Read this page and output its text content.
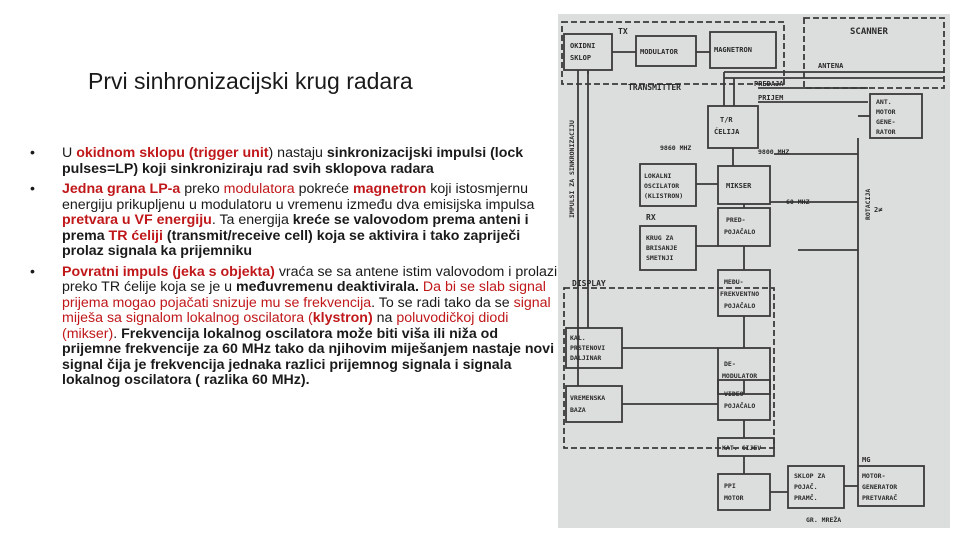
Prvi sinhronizacijski krug radara
• U okidnom sklopu (trigger unit) nastaju sinkronizacijski impulsi (lock pulses=LP) koji sinkroniziraju rad svih sklopova radara
• Jedna grana LP-a preko modulatora pokreće magnetron koji istosmjernu energiju prikupljenu u modulatoru u vremenu između dva emisijska impulsa pretvara u VF energiju. Ta energija kreće se valovodom prema anteni i prema TR ćeliji (transmit/receive cell) koja se aktivira i tako zapriječi prolaz signala ka prijemniku
• Povratni impuls (jeka s objekta) vraća se sa antene istim valovodom i prolazi preko TR ćelije koja se je u međuvremenu deaktivirala. Da bi se slab signal prijema mogao pojačati snizuje mu se frekvencija. To se radi tako da se signal miješa sa signalom lokalnog oscilatora (klystron) na poluvodičkoj diodi (mikser). Frekvencija lokalnog oscilatora može biti viša ili niža od prijemne frekvencije za 60 MHz tako da njihovim miješanjem nastaje novi signal čija je frekvencija jednaka razlici prijemnog signala i signala lokalnog oscilatora ( razlika 60 MHz).
SCANNER
TX
OKIDNI
SKLOP
MODULATOR	MAGNETRON
ANTENA
TRANSMITTER	PREDAJA
PRIJEM
T/R
ĆELIJA
ANT.
MOTOR
GENE-
RATOR
9860 MHZ	9800 MHZ
IMPULSI ZA SINKRONIZACIJU	ROTACIJA
LOKALNI
OSCILATOR
(KLISTRON)
MIKSER
60 MHZ
RX	PRED-
POJAČALO
2≠
KRUG ZA
BRISANJE
SMETNJI
DISPLAY	MEĐU-
FREKVENTNO
POJAČALO
KAL.
PRSTENOVI
DALJINAR
DE-
MODULATOR
VREMENSKA
BAZA
VIDEO
POJAČALO
KAT. CIJEV
SKLOP ZA
POJAČ.
PRAMČ.
MG
MOTOR-
GENERATOR
PRETVARAČ
PPI
MOTOR
GR. MREŽA
